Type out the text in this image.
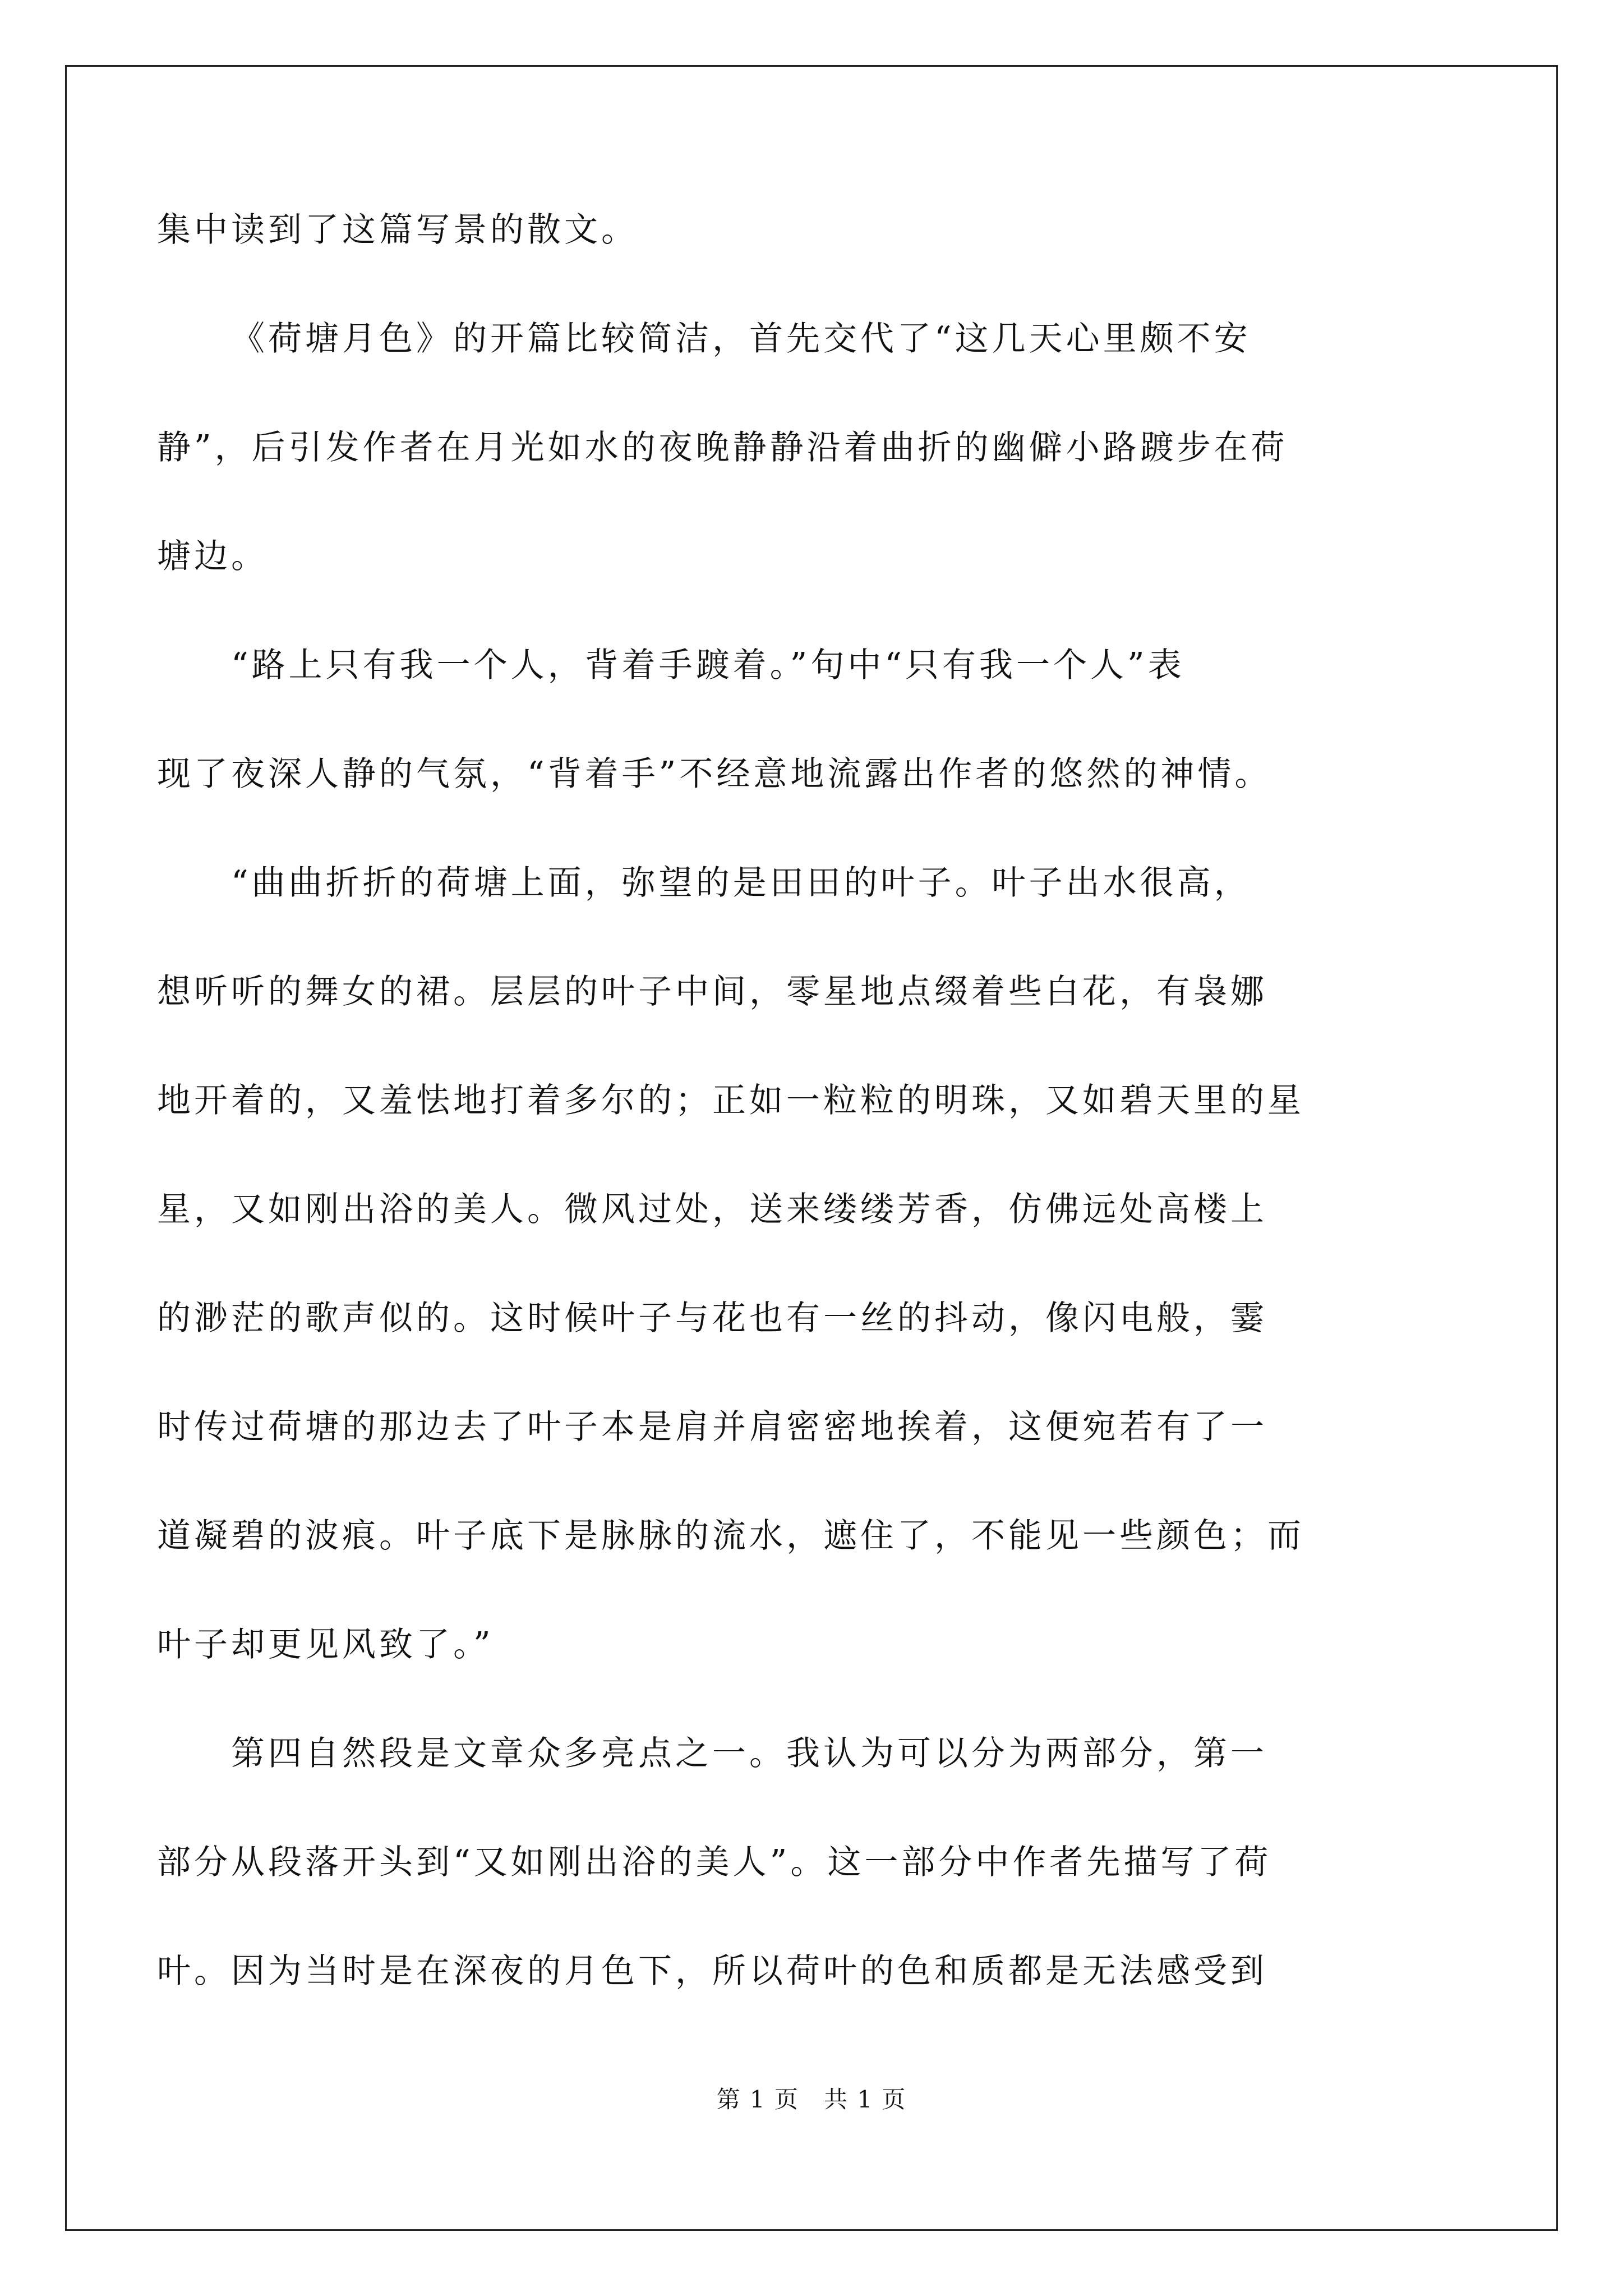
集中读到了这篇写景的散文。
《荷塘月色》的开篇比较简洁，首先交代了“这几天心里颇不安
静”，后引发作者在月光如水的夜晚静静沿着曲折的幽僻小路踱步在荷
塘边。
“路上只有我一个人，背着手踱着。”句中“只有我一个人”表
现了夜深人静的气氛，“背着手”不经意地流露出作者的悠然的神情。
“曲曲折折的荷塘上面，弥望的是田田的叶子。叶子出水很高，
想听听的舞女的裙。层层的叶子中间，零星地点缀着些白花，有袅娜
地开着的，又羞怯地打着多尔的；正如一粒粒的明珠，又如碧天里的星
星，又如刚出浴的美人。微风过处，送来缕缕芳香，仿佛远处高楼上
的渺茫的歌声似的。这时候叶子与花也有一丝的抖动，像闪电般，霎
时传过荷塘的那边去了叶子本是肩并肩密密地挨着，这便宛若有了一
道凝碧的波痕。叶子底下是脉脉的流水，遮住了，不能见一些颜色；而
叶子却更见风致了。”
第四自然段是文章众多亮点之一。我认为可以分为两部分，第一
部分从段落开头到“又如刚出浴的美人”。这一部分中作者先描写了荷
叶。因为当时是在深夜的月色下，所以荷叶的色和质都是无法感受到
第 1 页　共 1 页
